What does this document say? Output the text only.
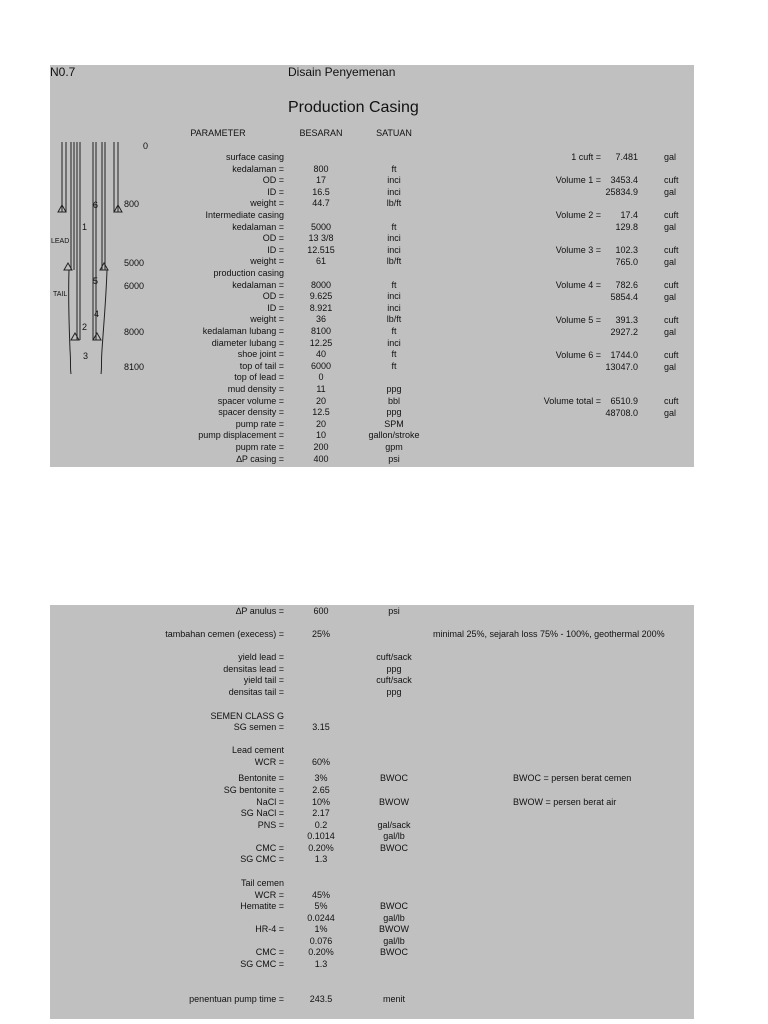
N0.7	Disain Penyemenan
Production Casing
PARAMETER	BESARAN	SATUAN
0
800
5000
6000
8000
8100
LEAD
TAIL
1
2
3
4
5
6
surface casing
kedalaman =	800	ft
OD =	17	inci
ID =	16.5	inci
weight =	44.7	lb/ft
Intermediate casing
kedalaman =	5000	ft
OD =	13 3/8	inci
ID =	12.515	inci
weight =	61	lb/ft
production casing
kedalaman =	8000	ft
OD =	9.625	inci
ID =	8.921	inci
weight =	36	lb/ft
kedalaman lubang =	8100	ft
diameter lubang =	12.25	inci
shoe joint =	40	ft
top of tail =	6000	ft
top of lead =	0
mud density =	11	ppg
spacer volume =	20	bbl
spacer density =	12.5	ppg
pump rate =	20	SPM
pump displacement =	10	gallon/stroke
pupm rate =	200	gpm
∆P casing =	400	psi
1 cuft =	7.481	gal
Volume 1 =	3453.4	cuft
25834.9	gal
Volume 2 =	17.4	cuft
129.8	gal
Volume 3 =	102.3	cuft
765.0	gal
Volume 4 =	782.6	cuft
5854.4	gal
Volume 5 =	391.3	cuft
2927.2	gal
Volume 6 =	1744.0	cuft
13047.0	gal
Volume total =	6510.9	cuft
48708.0	gal
∆P anulus =	600	psi
tambahan cemen (execess) =	25%	minimal 25%, sejarah loss 75% - 100%, geothermal 200%
yield lead =	cuft/sack
densitas lead =	ppg
yield tail =	cuft/sack
densitas tail =	ppg
SEMEN CLASS G
SG semen =	3.15
Lead cement
WCR =	60%
Bentonite =	3%	BWOC	BWOC = persen berat cemen
SG bentonite =	2.65
NaCl =	10%	BWOW	BWOW = persen berat air
SG NaCl =	2.17
PNS =	0.2	gal/sack
0.1014	gal/lb
CMC =	0.20%	BWOC
SG CMC =	1.3
Tail cemen
WCR =	45%
Hematite =	5%	BWOC
0.0244	gal/lb
HR-4 =	1%	BWOW
0.076	gal/lb
CMC =	0.20%	BWOC
SG CMC =	1.3
penentuan pump time =	243.5	menit
